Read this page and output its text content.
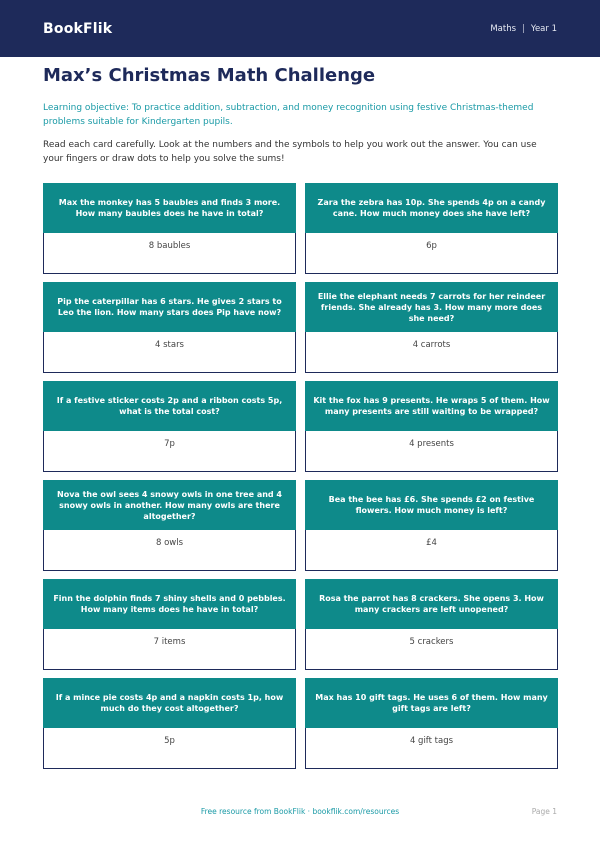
BookFlik	Maths | Year 1
Max’s Christmas Math Challenge

Learning objective: To practice addition, subtraction, and money recognition using festive Christmas-themed problems suitable for Kindergarten pupils.

Read each card carefully. Look at the numbers and the symbols to help you work out the answer. You can use your fingers or draw dots to help you solve the sums!

Max the monkey has 5 baubles and finds 3 more. How many baubles does he have in total?
8 baubles
Zara the zebra has 10p. She spends 4p on a candy cane. How much money does she have left?
6p
Pip the caterpillar has 6 stars. He gives 2 stars to Leo the lion. How many stars does Pip have now?
4 stars
Ellie the elephant needs 7 carrots for her reindeer friends. She already has 3. How many more does she need?
4 carrots
If a festive sticker costs 2p and a ribbon costs 5p, what is the total cost?
7p
Kit the fox has 9 presents. He wraps 5 of them. How many presents are still waiting to be wrapped?
4 presents
Nova the owl sees 4 snowy owls in one tree and 4 snowy owls in another. How many owls are there altogether?
8 owls
Bea the bee has £6. She spends £2 on festive flowers. How much money is left?
£4
Finn the dolphin finds 7 shiny shells and 0 pebbles. How many items does he have in total?
7 items
Rosa the parrot has 8 crackers. She opens 3. How many crackers are left unopened?
5 crackers
If a mince pie costs 4p and a napkin costs 1p, how much do they cost altogether?
5p
Max has 10 gift tags. He uses 6 of them. How many gift tags are left?
4 gift tags
Free resource from BookFlik · bookflik.com/resources	Page 1
